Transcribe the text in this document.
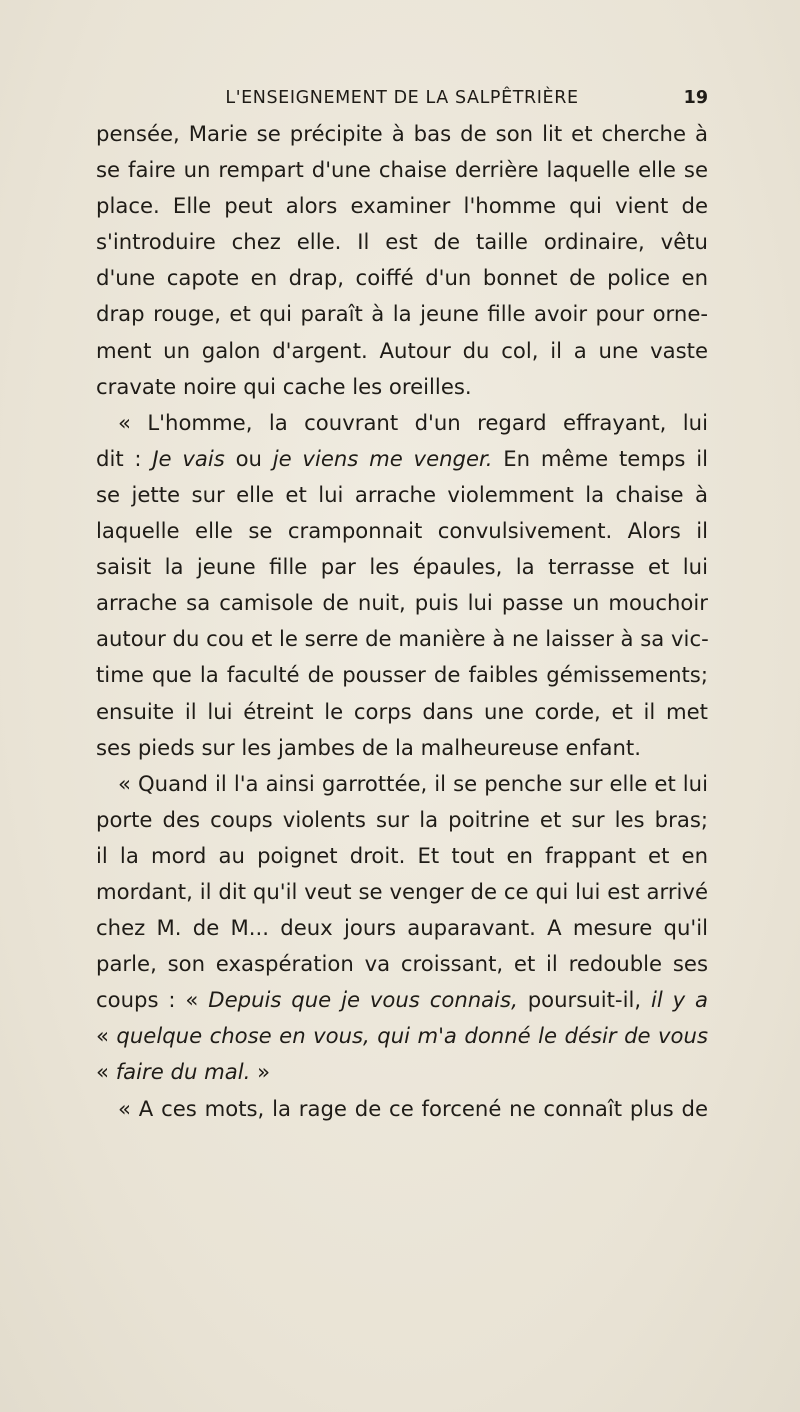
L'ENSEIGNEMENT DE LA SALPÊTRIÈRE	19
pensée, Marie se précipite à bas de son lit et cherche à
se faire un rempart d'une chaise derrière laquelle elle se
place. Elle peut alors examiner l'homme qui vient de
s'introduire chez elle. Il est de taille ordinaire, vêtu
d'une capote en drap, coiffé d'un bonnet de police en
drap rouge, et qui paraît à la jeune fille avoir pour orne-
ment un galon d'argent. Autour du col, il a une vaste
cravate noire qui cache les oreilles.
« L'homme, la couvrant d'un regard effrayant, lui
dit : Je vais ou je viens me venger. En même temps il
se jette sur elle et lui arrache violemment la chaise à
laquelle elle se cramponnait convulsivement. Alors il
saisit la jeune fille par les épaules, la terrasse et lui
arrache sa camisole de nuit, puis lui passe un mouchoir
autour du cou et le serre de manière à ne laisser à sa vic-
time que la faculté de pousser de faibles gémissements;
ensuite il lui étreint le corps dans une corde, et il met
ses pieds sur les jambes de la malheureuse enfant.
« Quand il l'a ainsi garrottée, il se penche sur elle et lui
porte des coups violents sur la poitrine et sur les bras;
il la mord au poignet droit. Et tout en frappant et en
mordant, il dit qu'il veut se venger de ce qui lui est arrivé
chez M. de M... deux jours auparavant. A mesure qu'il
parle, son exaspération va croissant, et il redouble ses
coups : « Depuis que je vous connais, poursuit-il, il y a
« quelque chose en vous, qui m'a donné le désir de vous
« faire du mal. »
« A ces mots, la rage de ce forcené ne connaît plus de
